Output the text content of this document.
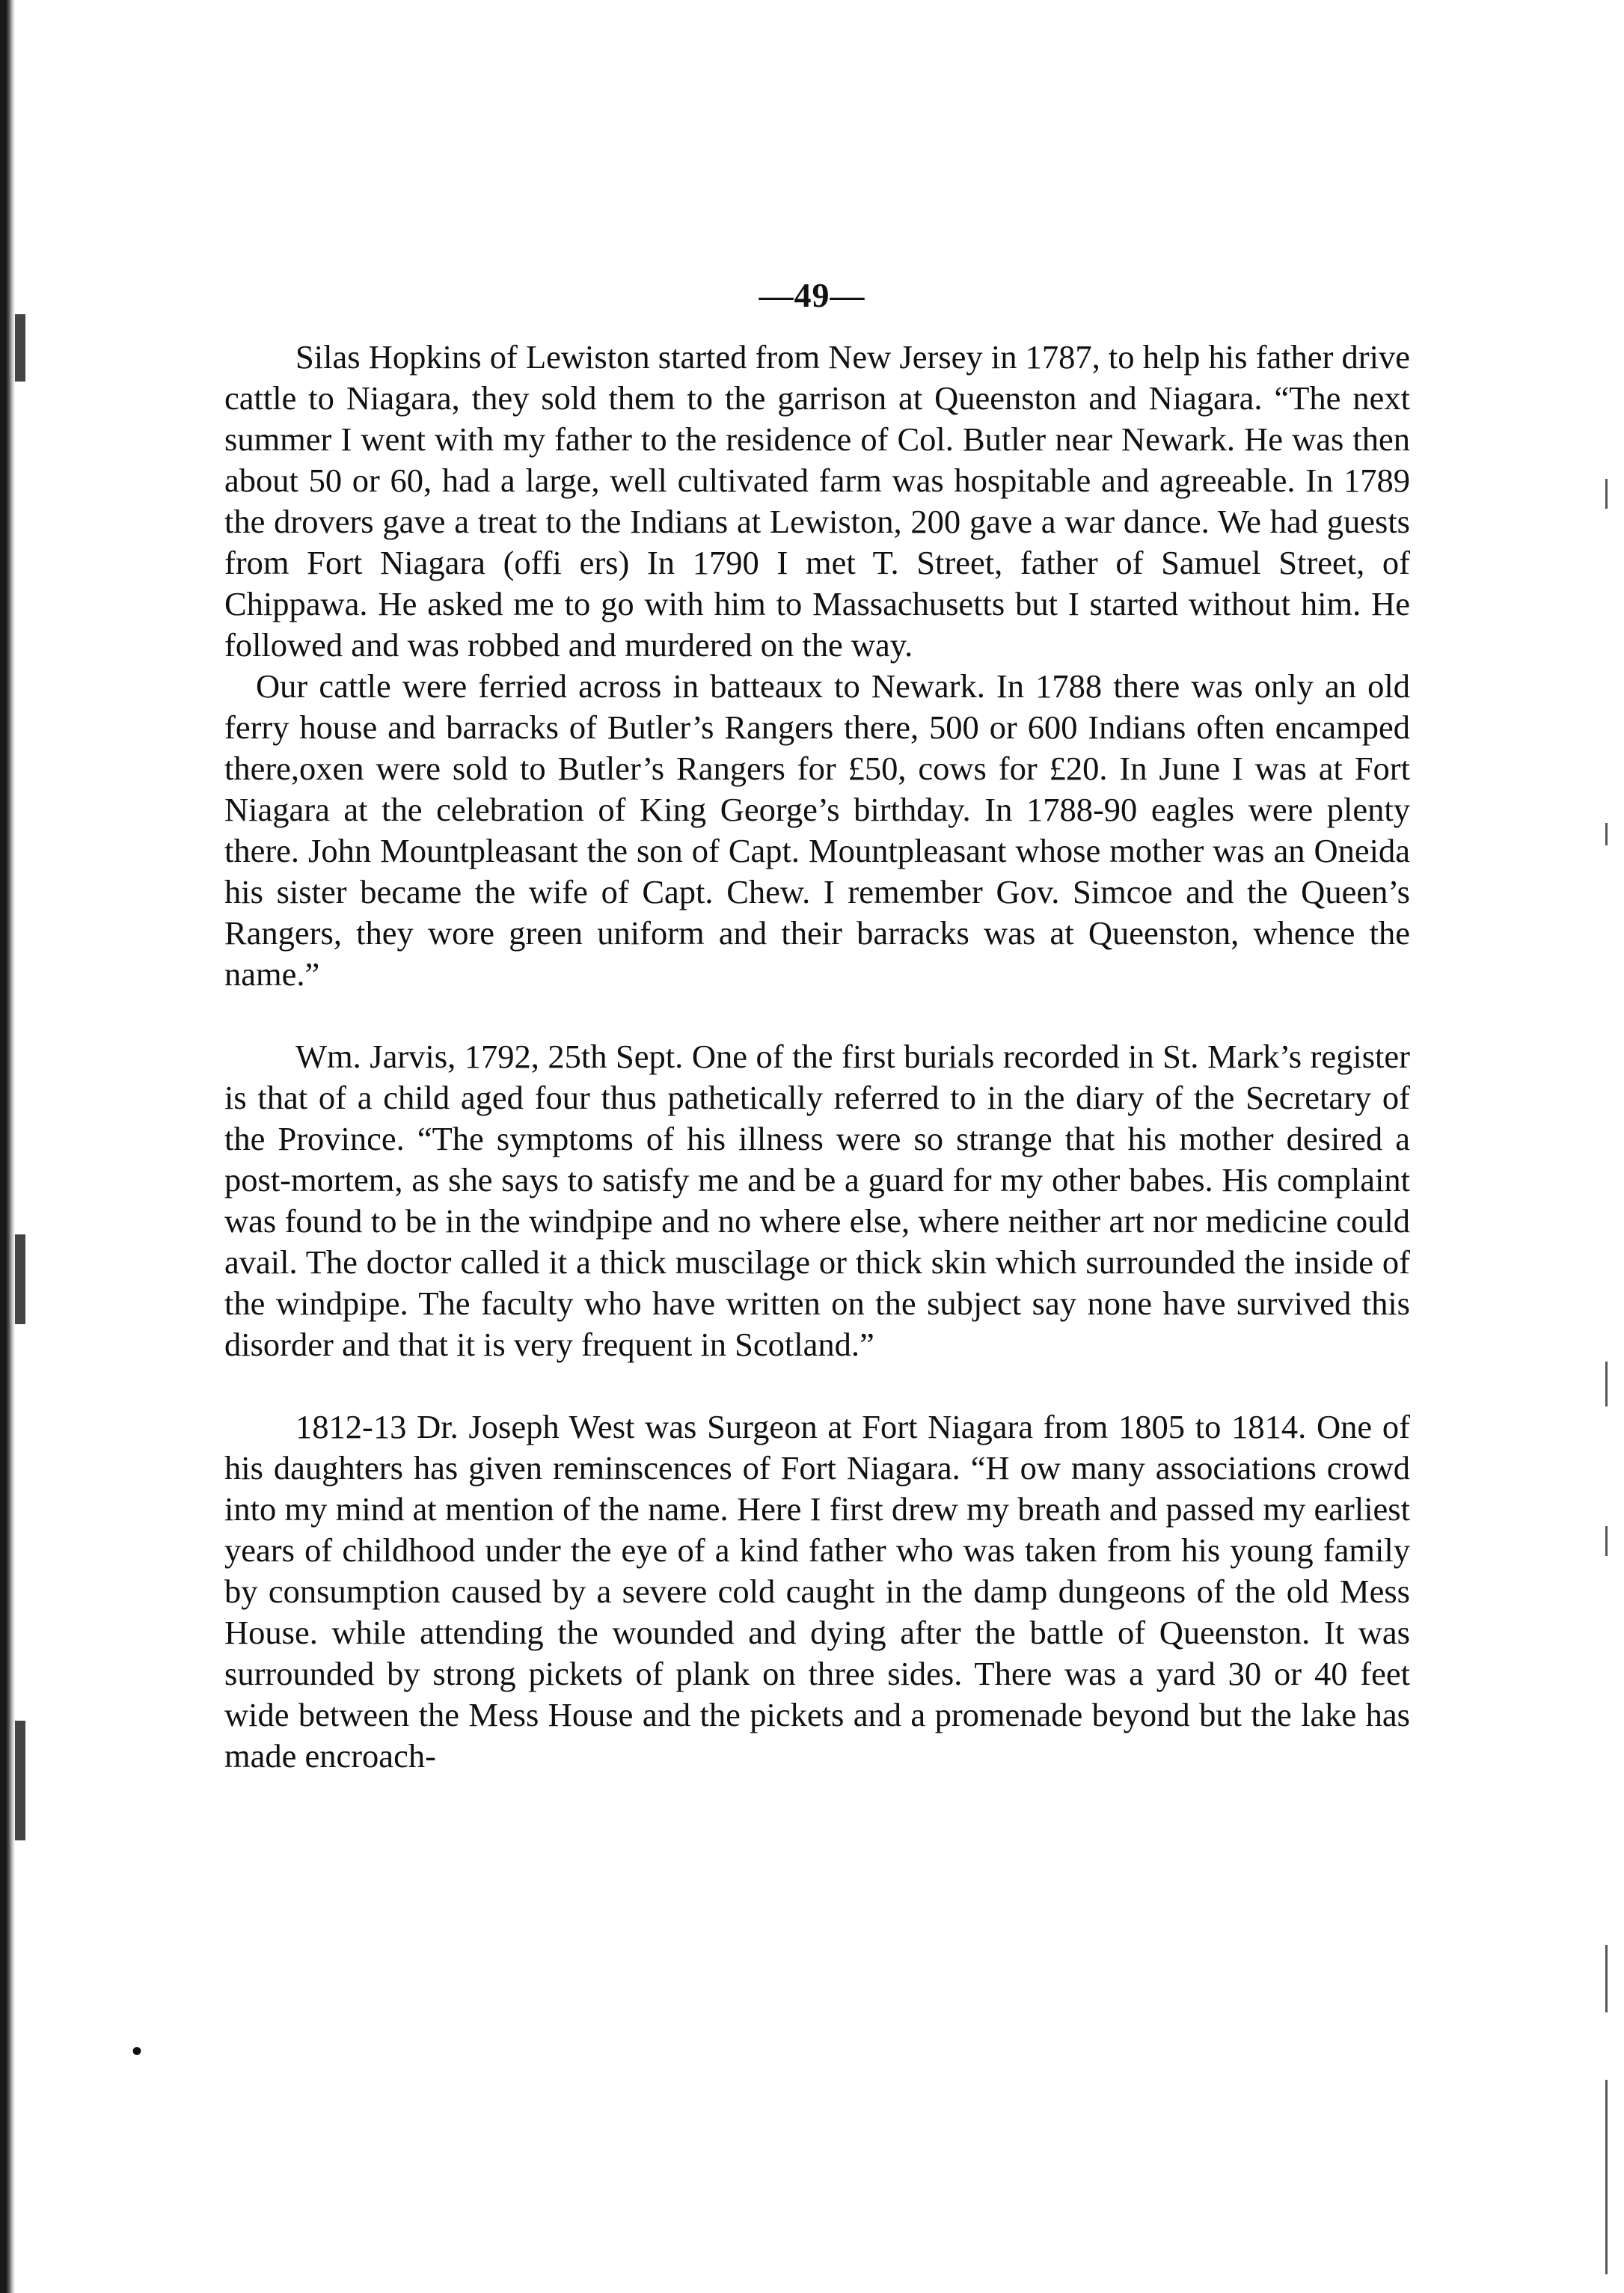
—49—

Silas Hopkins of Lewiston started from New Jersey in 1787, to help his father drive cattle to Niagara, they sold them to the garrison at Queenston and Niagara. “The next summer I went with my father to the residence of Col. Butler near Newark. He was then about 50 or 60, had a large, well cultivated farm was hospitable and agreeable. In 1789 the drovers gave a treat to the Indians at Lewiston, 200 gave a war dance. We had guests from Fort Niagara (offi ers) In 1790 I met T. Street, father of Samuel Street, of Chippawa. He asked me to go with him to Massachusetts but I started without him. He followed and was robbed and murdered on the way.

Our cattle were ferried across in batteaux to Newark. In 1788 there was only an old ferry house and barracks of Butler’s Rangers there, 500 or 600 Indians often encamped there,oxen were sold to Butler’s Rangers for £50, cows for £20. In June I was at Fort Niagara at the celebration of King George’s birthday. In 1788-90 eagles were plenty there. John Mountpleasant the son of Capt. Mountpleasant whose mother was an Oneida his sister became the wife of Capt. Chew. I remember Gov. Simcoe and the Queen’s Rangers, they wore green uniform and their barracks was at Queenston, whence the name.”

Wm. Jarvis, 1792, 25th Sept. One of the first burials recorded in St. Mark’s register is that of a child aged four thus pathetically referred to in the diary of the Secretary of the Province. “The symptoms of his illness were so strange that his mother desired a post-mortem, as she says to satisfy me and be a guard for my other babes. His complaint was found to be in the windpipe and no where else, where neither art nor medicine could avail. The doctor called it a thick muscilage or thick skin which surrounded the inside of the windpipe. The faculty who have written on the subject say none have survived this disorder and that it is very frequent in Scotland.”

1812-13 Dr. Joseph West was Surgeon at Fort Niagara from 1805 to 1814. One of his daughters has given reminscences of Fort Niagara. “H ow many associations crowd into my mind at mention of the name. Here I first drew my breath and passed my earliest years of childhood under the eye of a kind father who was taken from his young family by consumption caused by a severe cold caught in the damp dungeons of the old Mess House. while attending the wounded and dying after the battle of Queenston. It was surrounded by strong pickets of plank on three sides. There was a yard 30 or 40 feet wide between the Mess House and the pickets and a promenade beyond but the lake has made encroach-

•
